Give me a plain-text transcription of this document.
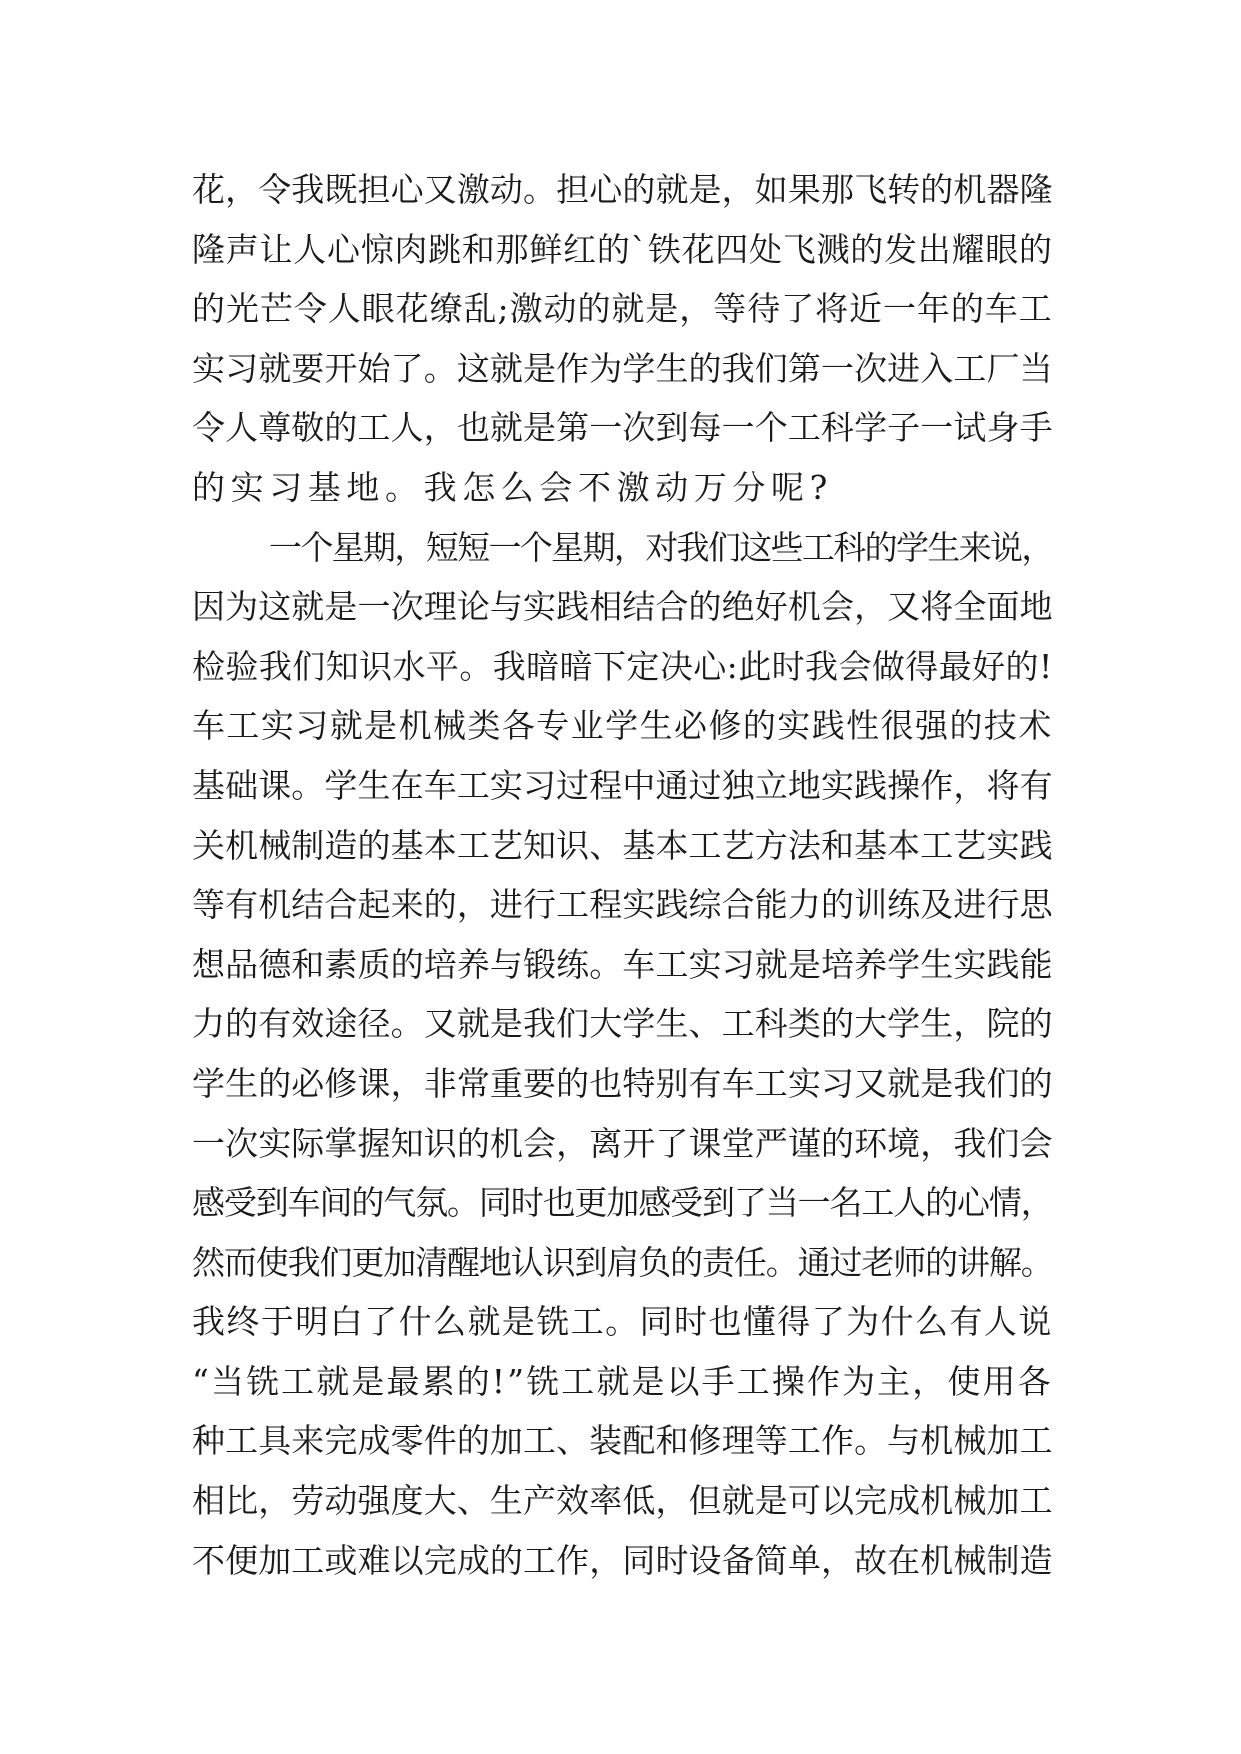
花，令我既担心又激动。担心的就是，如果那飞转的机器隆
隆声让人心惊肉跳和那鲜红的`铁花四处飞溅的发出耀眼的
的光芒令人眼花缭乱;激动的就是，等待了将近一年的车工
实习就要开始了。这就是作为学生的我们第一次进入工厂当
令人尊敬的工人，也就是第一次到每一个工科学子一试身手
的实习基地。我怎么会不激动万分呢?
一个星期，短短一个星期，对我们这些工科的学生来说，
因为这就是一次理论与实践相结合的绝好机会，又将全面地
检验我们知识水平。我暗暗下定决心:此时我会做得最好的!
车工实习就是机械类各专业学生必修的实践性很强的技术
基础课。学生在车工实习过程中通过独立地实践操作，将有
关机械制造的基本工艺知识、基本工艺方法和基本工艺实践
等有机结合起来的，进行工程实践综合能力的训练及进行思
想品德和素质的培养与锻练。车工实习就是培养学生实践能
力的有效途径。又就是我们大学生、工科类的大学生，院的
学生的必修课，非常重要的也特别有车工实习又就是我们的
一次实际掌握知识的机会，离开了课堂严谨的环境，我们会
感受到车间的气氛。同时也更加感受到了当一名工人的心情，
然而使我们更加清醒地认识到肩负的责任。通过老师的讲解。
我终于明白了什么就是铣工。同时也懂得了为什么有人说
“当铣工就是最累的!”铣工就是以手工操作为主，使用各
种工具来完成零件的加工、装配和修理等工作。与机械加工
相比，劳动强度大、生产效率低，但就是可以完成机械加工
不便加工或难以完成的工作，同时设备简单，故在机械制造
